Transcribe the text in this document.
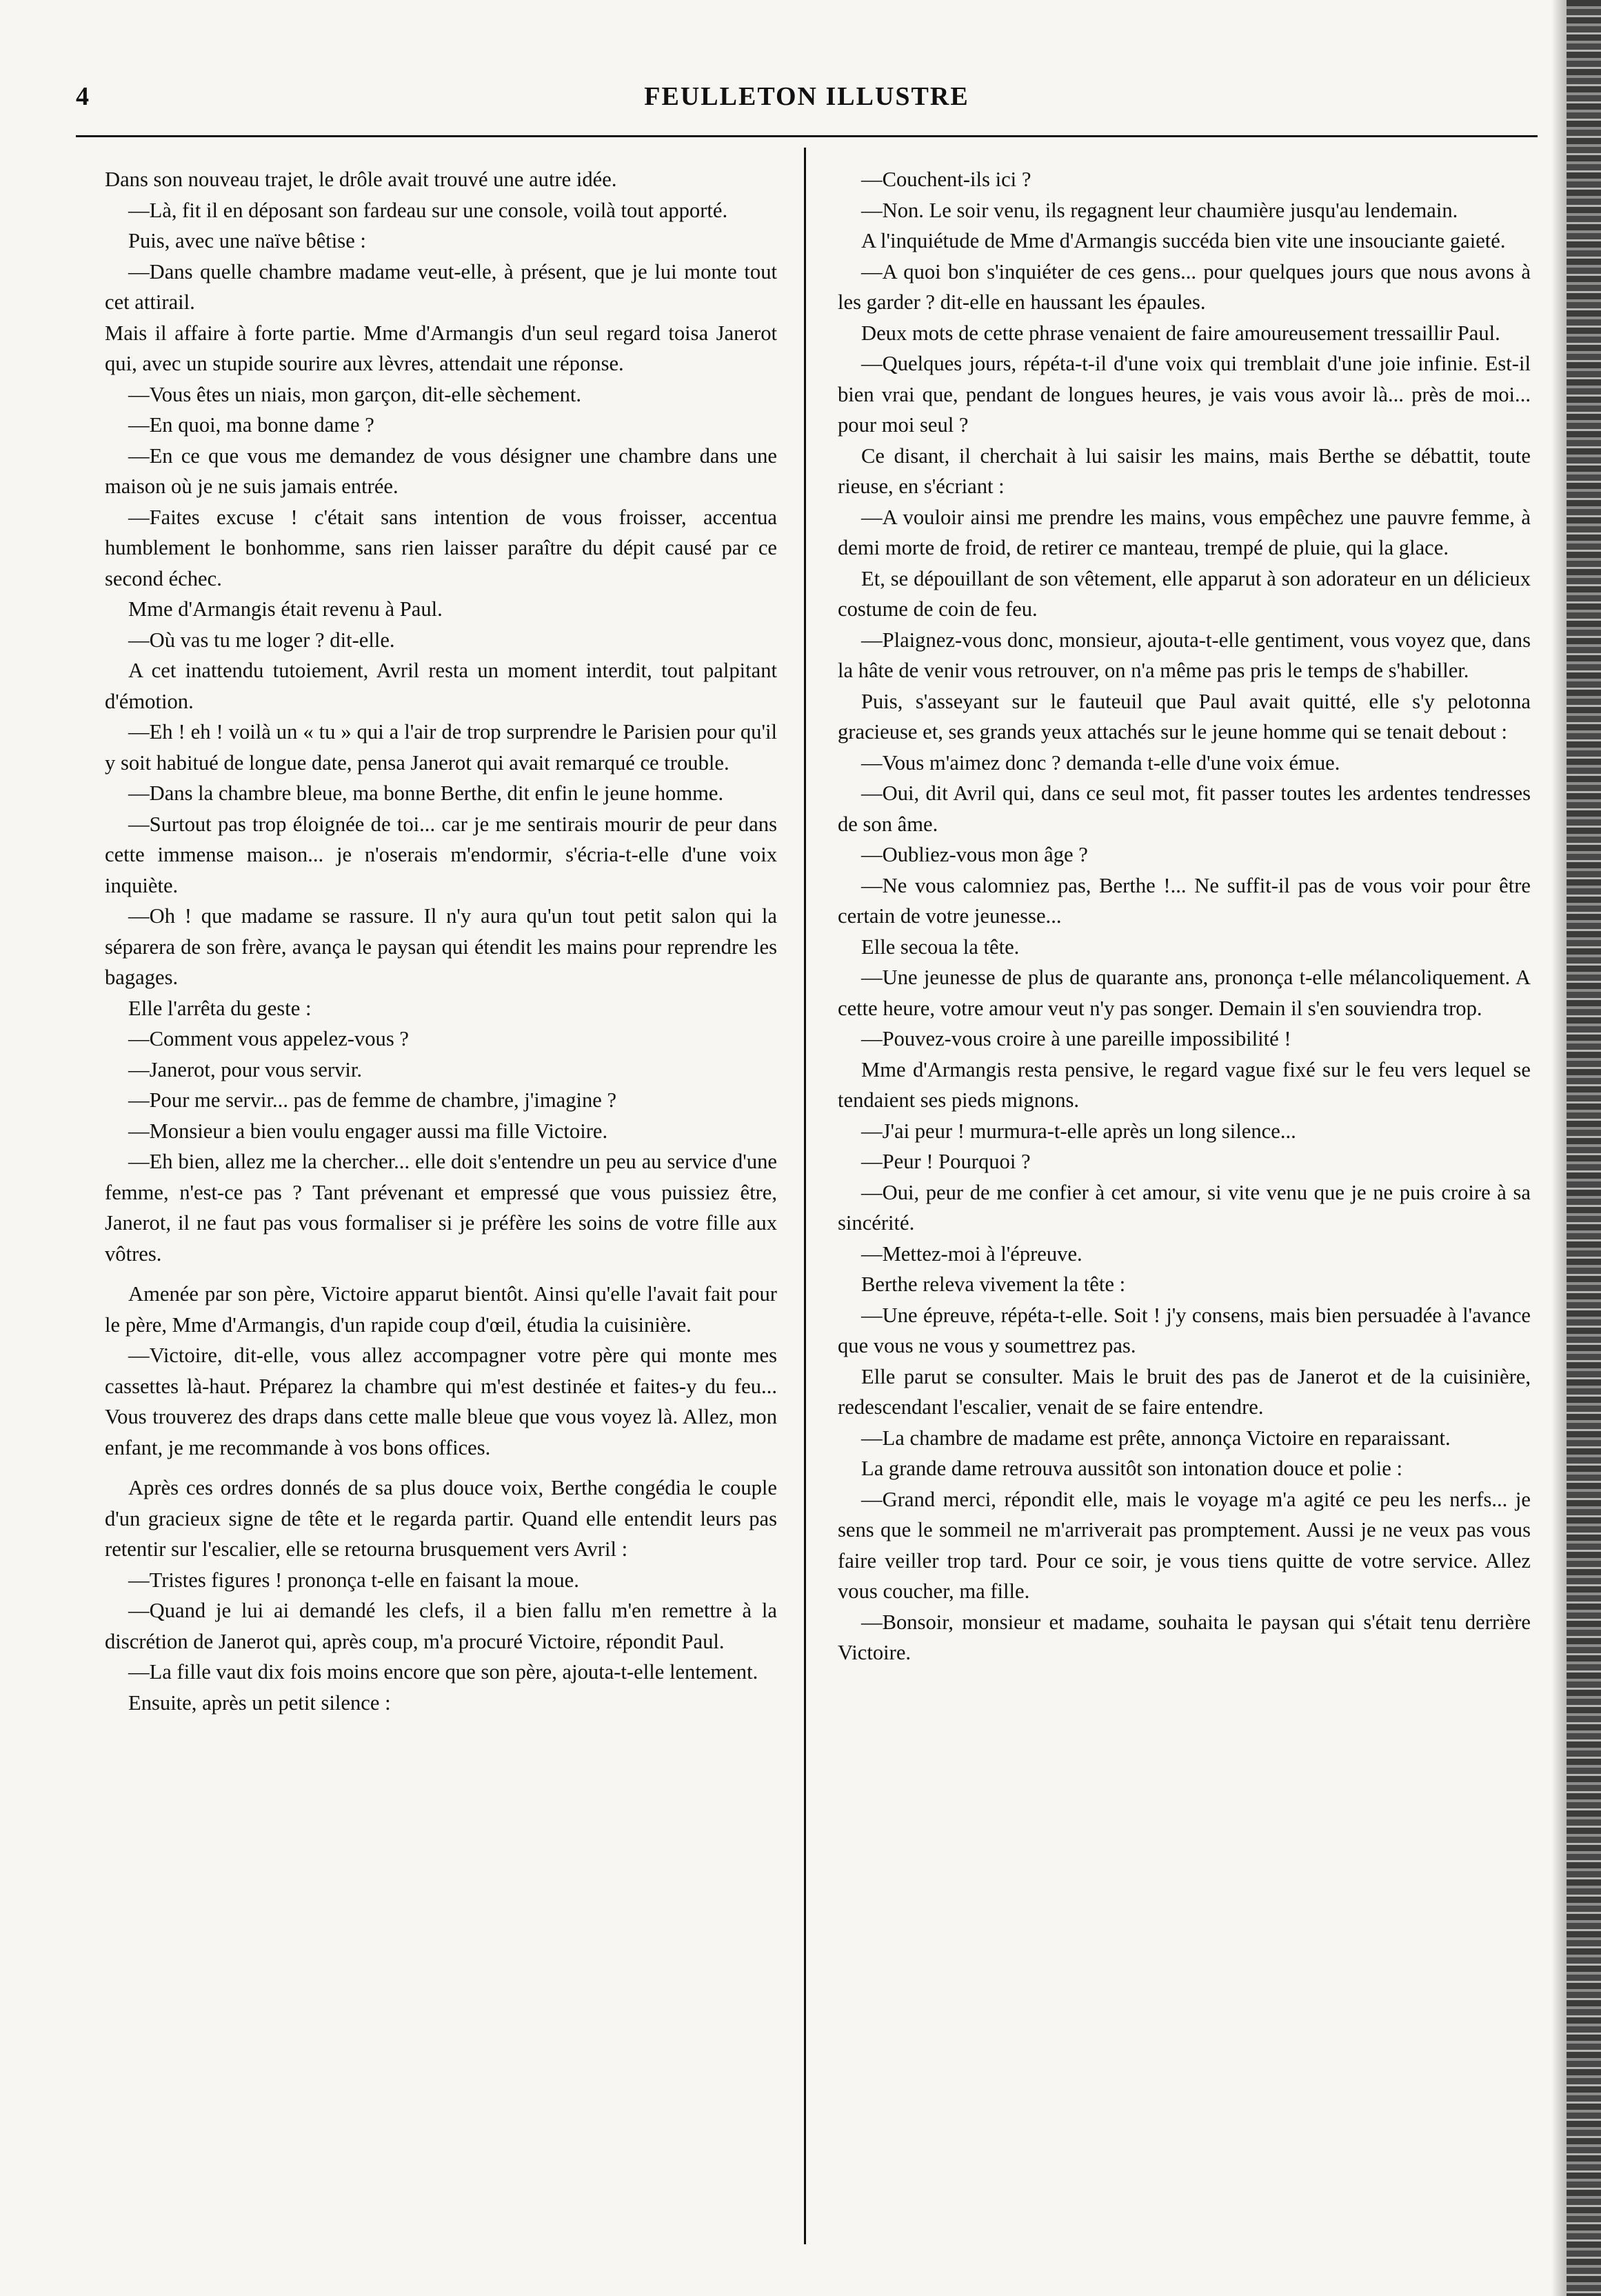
4	FEULLETON ILLUSTRE

Dans son nouveau trajet, le drôle avait trouvé une autre idée.

—Là, fit il en déposant son fardeau sur une console, voilà tout apporté.

Puis, avec une naïve bêtise :

—Dans quelle chambre madame veut-elle, à présent, que je lui monte tout cet attirail.

Mais il affaire à forte partie. Mme d'Armangis d'un seul regard toisa Janerot qui, avec un stupide sourire aux lèvres, attendait une réponse.

—Vous êtes un niais, mon garçon, dit-elle sèchement.

—En quoi, ma bonne dame ?

—En ce que vous me demandez de vous désigner une chambre dans une maison où je ne suis jamais entrée.

—Faites excuse ! c'était sans intention de vous froisser, accentua humblement le bonhomme, sans rien laisser paraître du dépit causé par ce second échec.

Mme d'Armangis était revenu à Paul.

—Où vas tu me loger ? dit-elle.

A cet inattendu tutoiement, Avril resta un moment interdit, tout palpitant d'émotion.

—Eh ! eh ! voilà un « tu » qui a l'air de trop surprendre le Parisien pour qu'il y soit habitué de longue date, pensa Janerot qui avait remarqué ce trouble.

—Dans la chambre bleue, ma bonne Berthe, dit enfin le jeune homme.

—Surtout pas trop éloignée de toi... car je me sentirais mourir de peur dans cette immense maison... je n'oserais m'endormir, s'écria-t-elle d'une voix inquiète.

—Oh ! que madame se rassure. Il n'y aura qu'un tout petit salon qui la séparera de son frère, avança le paysan qui étendit les mains pour reprendre les bagages.

Elle l'arrêta du geste :

—Comment vous appelez-vous ?

—Janerot, pour vous servir.

—Pour me servir... pas de femme de chambre, j'imagine ?

—Monsieur a bien voulu engager aussi ma fille Victoire.

—Eh bien, allez me la chercher... elle doit s'entendre un peu au service d'une femme, n'est-ce pas ? Tant prévenant et empressé que vous puissiez être, Janerot, il ne faut pas vous formaliser si je préfère les soins de votre fille aux vôtres.

Amenée par son père, Victoire apparut bientôt. Ainsi qu'elle l'avait fait pour le père, Mme d'Armangis, d'un rapide coup d'œil, étudia la cuisinière.

—Victoire, dit-elle, vous allez accompagner votre père qui monte mes cassettes là-haut. Préparez la chambre qui m'est destinée et faites-y du feu... Vous trouverez des draps dans cette malle bleue que vous voyez là. Allez, mon enfant, je me recommande à vos bons offices.

Après ces ordres donnés de sa plus douce voix, Berthe congédia le couple d'un gracieux signe de tête et le regarda partir. Quand elle entendit leurs pas retentir sur l'escalier, elle se retourna brusquement vers Avril :

—Tristes figures ! prononça t-elle en faisant la moue.

—Quand je lui ai demandé les clefs, il a bien fallu m'en remettre à la discrétion de Janerot qui, après coup, m'a procuré Victoire, répondit Paul.

—La fille vaut dix fois moins encore que son père, ajouta-t-elle lentement.

Ensuite, après un petit silence :

—Couchent-ils ici ?

—Non. Le soir venu, ils regagnent leur chaumière jusqu'au lendemain.

A l'inquiétude de Mme d'Armangis succéda bien vite une insouciante gaieté.

—A quoi bon s'inquiéter de ces gens... pour quelques jours que nous avons à les garder ? dit-elle en haussant les épaules.

Deux mots de cette phrase venaient de faire amoureusement tressaillir Paul.

—Quelques jours, répéta-t-il d'une voix qui tremblait d'une joie infinie. Est-il bien vrai que, pendant de longues heures, je vais vous avoir là... près de moi... pour moi seul ?

Ce disant, il cherchait à lui saisir les mains, mais Berthe se débattit, toute rieuse, en s'écriant :

—A vouloir ainsi me prendre les mains, vous empêchez une pauvre femme, à demi morte de froid, de retirer ce manteau, trempé de pluie, qui la glace.

Et, se dépouillant de son vêtement, elle apparut à son adorateur en un délicieux costume de coin de feu.

—Plaignez-vous donc, monsieur, ajouta-t-elle gentiment, vous voyez que, dans la hâte de venir vous retrouver, on n'a même pas pris le temps de s'habiller.

Puis, s'asseyant sur le fauteuil que Paul avait quitté, elle s'y pelotonna gracieuse et, ses grands yeux attachés sur le jeune homme qui se tenait debout :

—Vous m'aimez donc ? demanda t-elle d'une voix émue.

—Oui, dit Avril qui, dans ce seul mot, fit passer toutes les ardentes tendresses de son âme.

—Oubliez-vous mon âge ?

—Ne vous calomniez pas, Berthe !... Ne suffit-il pas de vous voir pour être certain de votre jeunesse...

Elle secoua la tête.

—Une jeunesse de plus de quarante ans, prononça t-elle mélancoliquement. A cette heure, votre amour veut n'y pas songer. Demain il s'en souviendra trop.

—Pouvez-vous croire à une pareille impossibilité !

Mme d'Armangis resta pensive, le regard vague fixé sur le feu vers lequel se tendaient ses pieds mignons.

—J'ai peur ! murmura-t-elle après un long silence...

—Peur ! Pourquoi ?

—Oui, peur de me confier à cet amour, si vite venu que je ne puis croire à sa sincérité.

—Mettez-moi à l'épreuve.

Berthe releva vivement la tête :

—Une épreuve, répéta-t-elle. Soit ! j'y consens, mais bien persuadée à l'avance que vous ne vous y soumettrez pas.

Elle parut se consulter. Mais le bruit des pas de Janerot et de la cuisinière, redescendant l'escalier, venait de se faire entendre.

—La chambre de madame est prête, annonça Victoire en reparaissant.

La grande dame retrouva aussitôt son intonation douce et polie :

—Grand merci, répondit elle, mais le voyage m'a agité ce peu les nerfs... je sens que le sommeil ne m'arriverait pas promptement. Aussi je ne veux pas vous faire veiller trop tard. Pour ce soir, je vous tiens quitte de votre service. Allez vous coucher, ma fille.

—Bonsoir, monsieur et madame, souhaita le paysan qui s'était tenu derrière Victoire.
